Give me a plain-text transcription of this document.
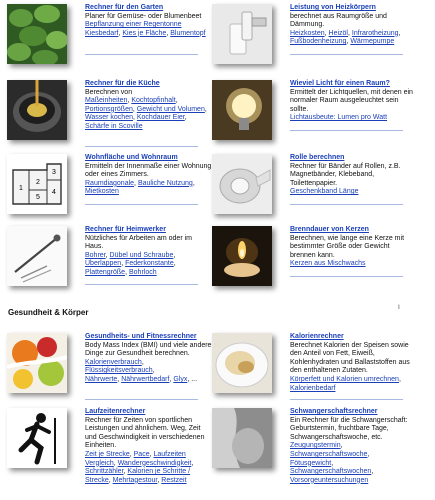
Rechner für den Garten
Planer für Gemüse- oder Blumenbeet
Bepflanzung einer Regentonne
Kiesbedarf, Kies je Fläche, Blumentopf
Leistung von Heizkörpern
berechnet aus Raumgröße und Dämmung.
Heizkosten, Heizöl, Infrarotheizung,
Fußbodenheizung, Wärmepumpe
Rechner für die Küche
Berechnen von
Maßeinheiten, Kochtopfinhalt,
Portionsgrößen, Gewicht und Volumen, Wasser kochen, Kochdauer Eier, Schärfe in Scoville
Wieviel Licht für einen Raum?
Ermittelt der Lichtquellen, mit denen ein normaler Raum ausgeleuchtet sein sollte.
Lichtausbeute: Lumen pro Watt
1
2
3
4
5
Wohnfläche und Wohnraum
Ermitteln der Innenmaße einer Wohnung oder eines Zimmers.
Raumdiagonale, Bauliche Nutzung,
Mietkosten
Rolle berechnen
Rechner für Bänder auf Rollen, z.B. Magnetbänder, Klebeband, Toilettenpapier.
Geschenkband Länge
Rechner für Heimwerker
Nützliches für Arbeiten am oder im Haus.
Bohrer, Dübel und Schraube,
Überlappen, Federkonstante,
Plattengröße, Bohrloch
Brenndauer von Kerzen
Berechnen, wie lange eine Kerze mit bestimmter Größe oder Gewicht brennen kann.
Kerzen aus Mischwachs
ι
Gesundheit & Körper
Gesundheits- und Fitnessrechner
Body Mass Index (BMI) und viele andere Dinge zur Gesundheit berechnen.
Kalorienverbrauch,
Flüssigkeitsverbrauch,
Nährwerte, Nährwertbedarf, Glyx, ...
Kalorienrechner
Berechnet Kalorien der Speisen sowie den Anteil von Fett, Eiweiß, Kohlenhydraten und Ballaststoffen aus den enthaltenen Zutaten.
Körperfett und Kalorien umrechnen,
Kalorienbedarf
Laufzeitenrechner
Rechner für Zeiten von sportlichen Leistungen und ähnlichem. Weg, Zeit und Geschwindigkeit in verschiedenen Einheiten.
Zeit je Strecke, Pace, Laufzeiten Vergleich, Wandergeschwindigkeit, Schrittzähler, Kalorien je Schritte / Strecke, Mehrtagestour, Restzeit
Schwangerschaftsrechner
Ein Rechner für die Schwangerschaft: Geburtstermin, fruchtbare Tage, Schwangerschaftswoche, etc.
Zeugungstermin,
Schwangerschaftswoche,
Fötusgewicht,
Schwangerschaftswochen,
Vorsorgeuntersuchungen
